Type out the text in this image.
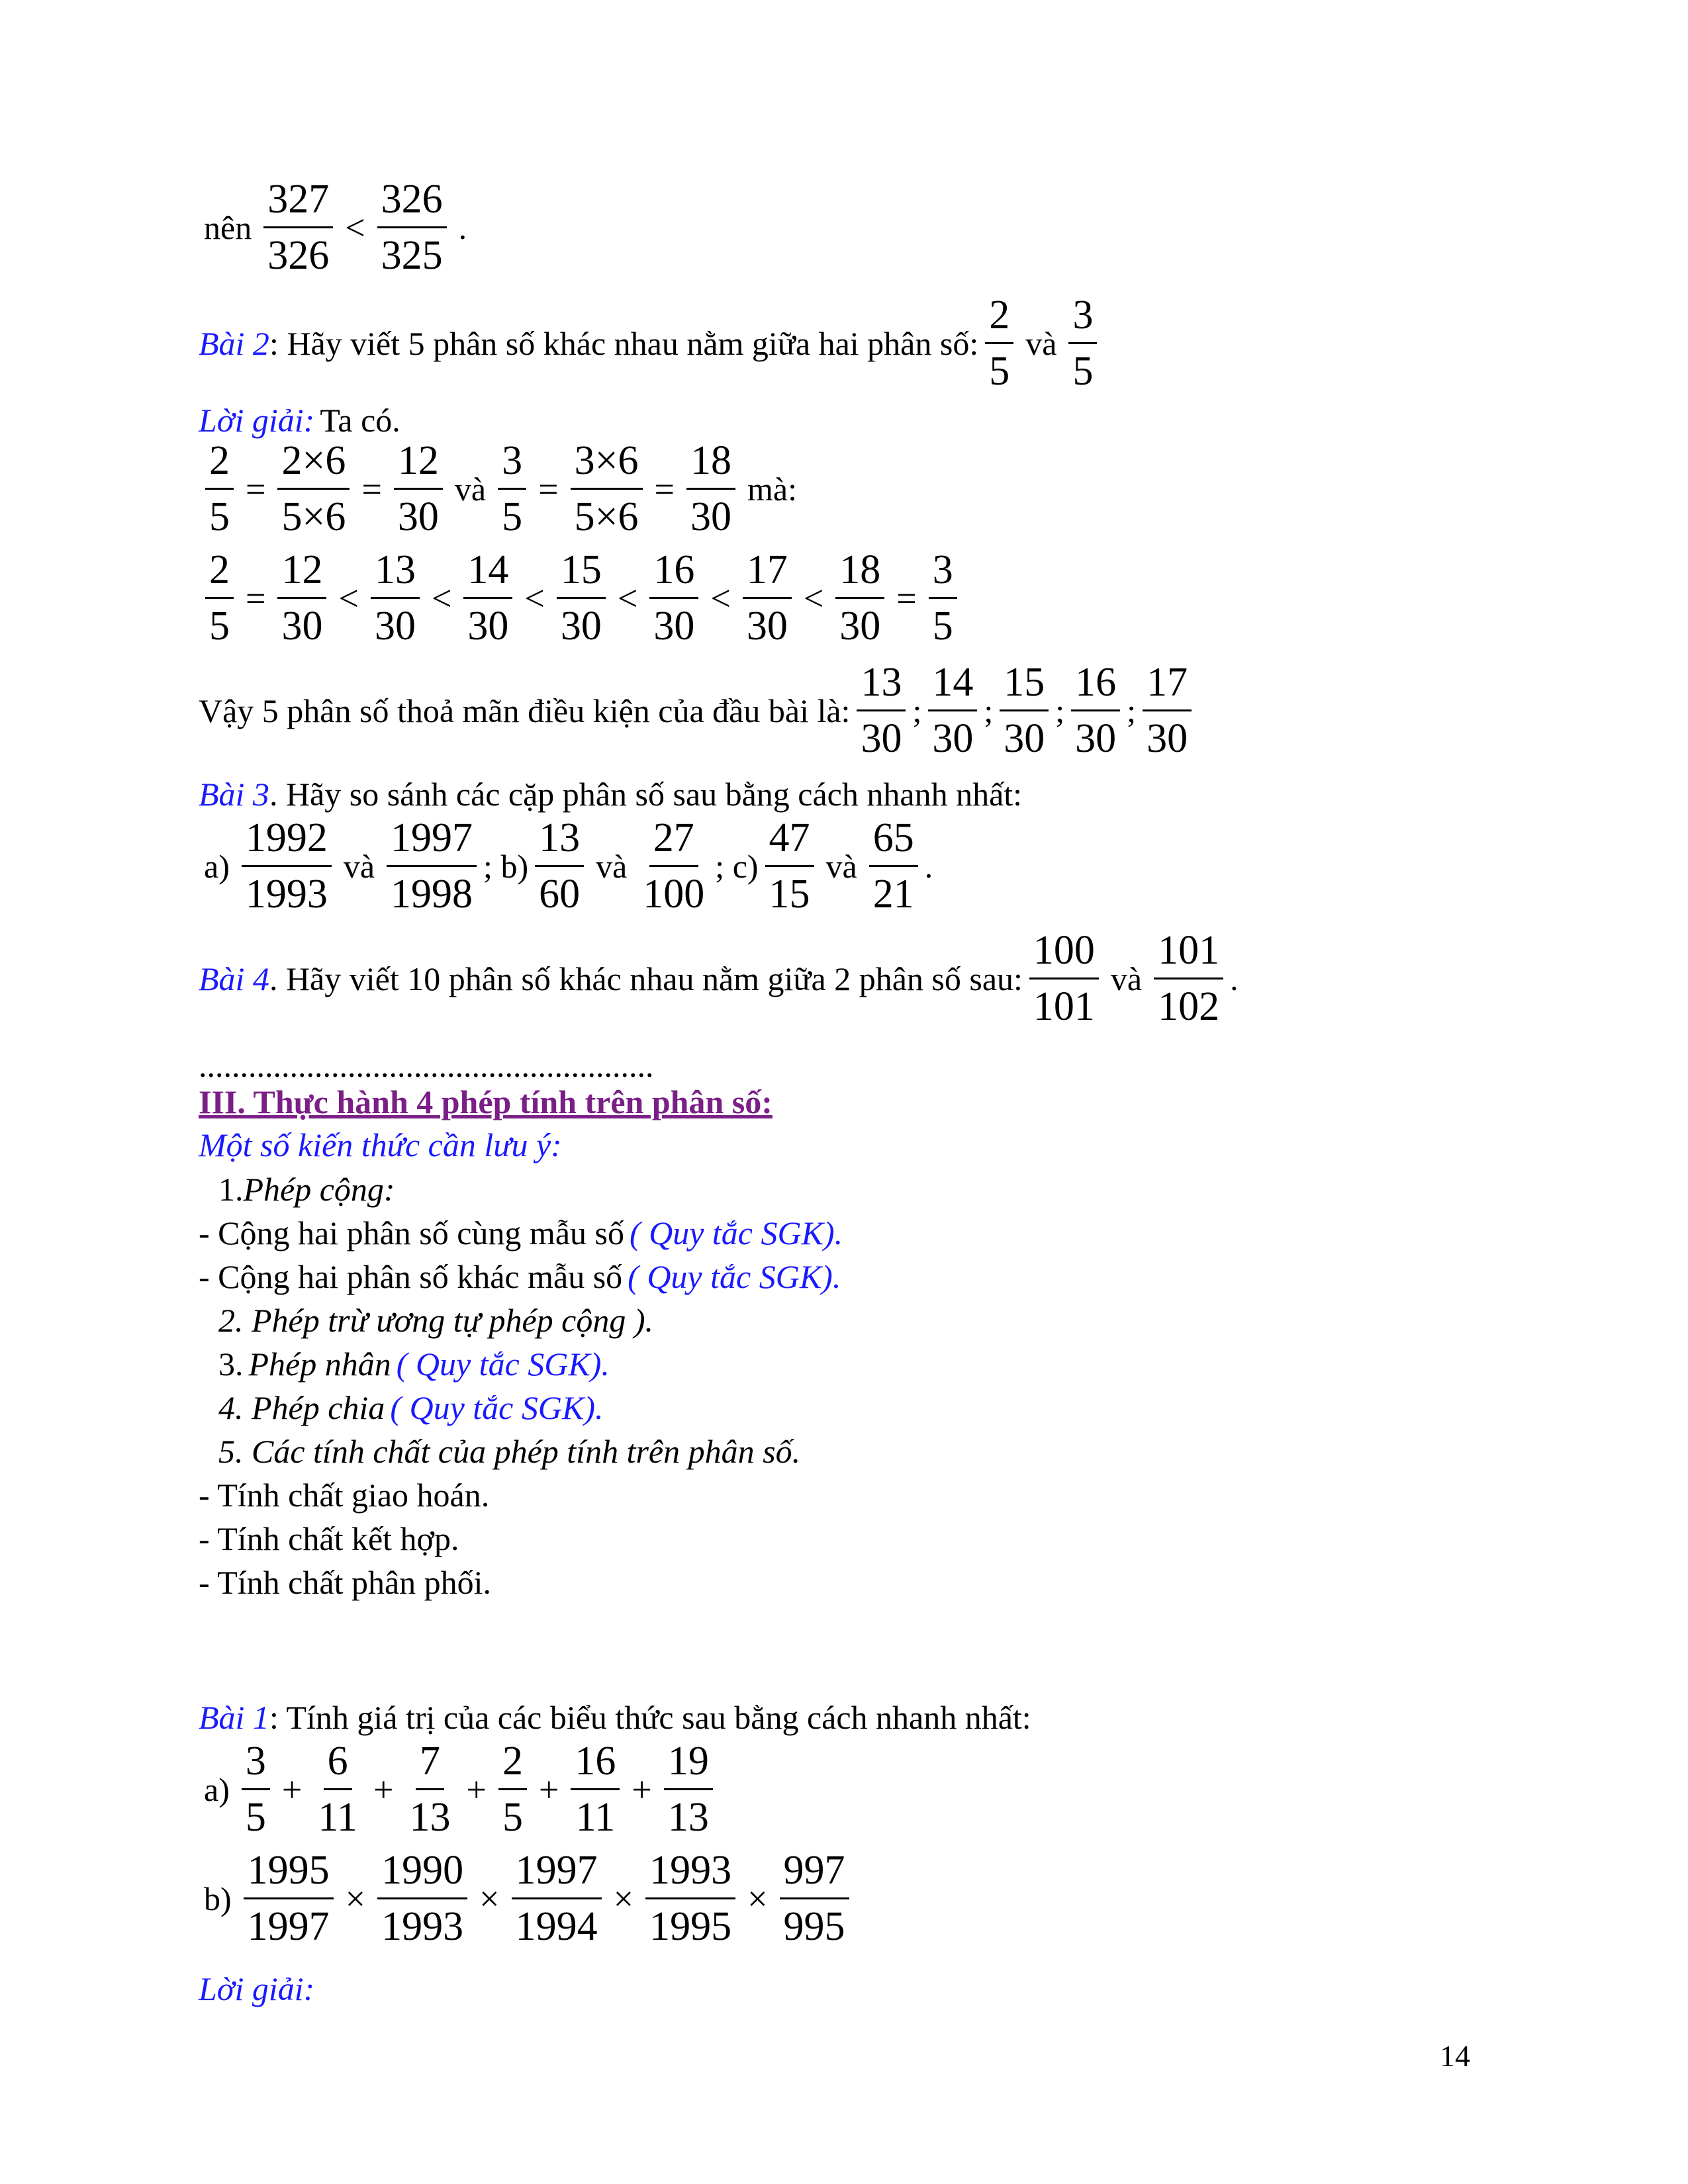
nên $\frac{327}{326} < \frac{326}{325}$ .
Bài 2 : Hãy viết 5 phân số khác nhau nằm giữa hai phân số: $\frac{2}{5}$ và $\frac{3}{5}$
Lời giải: Ta có.
$\frac{2}{5} = \frac{2\times 6}{5\times 6} = \frac{12}{30}$ và $\frac{3}{5} = \frac{3\times 6}{5\times 6} = \frac{18}{30}$ mà:
$\frac{2}{5} = \frac{12}{30} < \frac{13}{30} < \frac{14}{30} < \frac{15}{30} < \frac{16}{30} < \frac{17}{30} < \frac{18}{30} = \frac{3}{5}$
Vậy 5 phân số thoả mãn điều kiện của đầu bài là: $\frac{13}{30}$ ; $\frac{14}{30}$ ; $\frac{15}{30}$ ; $\frac{16}{30}$ ; $\frac{17}{30}$
Bài 3 . Hãy so sánh các cặp phân số sau bằng cách nhanh nhất:
$a) \frac{1992}{1993}$ và $\frac{1997}{1998}$ ; $b) \frac{13}{60}$ và $\frac{27}{100}$ ; $c) \frac{47}{15}$ và $\frac{65}{21}$ .
Bài 4 . Hãy viết 10 phân số khác nhau nằm giữa 2 phân số sau: $\frac{100}{101}$ và $\frac{101}{102}$ .
.......................................................
III. Thực hành 4 phép tính trên phân số:
Một số kiến thức cần lưu ý:
1. Phép cộng:
- Cộng hai phân số cùng mẫu số ( Quy tắc SGK).
- Cộng hai phân số khác mẫu số ( Quy tắc SGK).
2. Phép trừ ương tự phép cộng ).
3. Phép nhân ( Quy tắc SGK).
4. Phép chia ( Quy tắc SGK).
5. Các tính chất của phép tính trên phân số.
- Tính chất giao hoán.
- Tính chất kết hợp.
- Tính chất phân phối.
Bài 1 : Tính giá trị của các biểu thức sau bằng cách nhanh nhất:
$a) \frac{3}{5} + \frac{6}{11} + \frac{7}{13} + \frac{2}{5} + \frac{16}{11} + \frac{19}{13}$
$b) \frac{1995}{1997} \times \frac{1990}{1993} \times \frac{1997}{1994} \times \frac{1993}{1995} \times \frac{997}{995}$
Lời giải:
14
